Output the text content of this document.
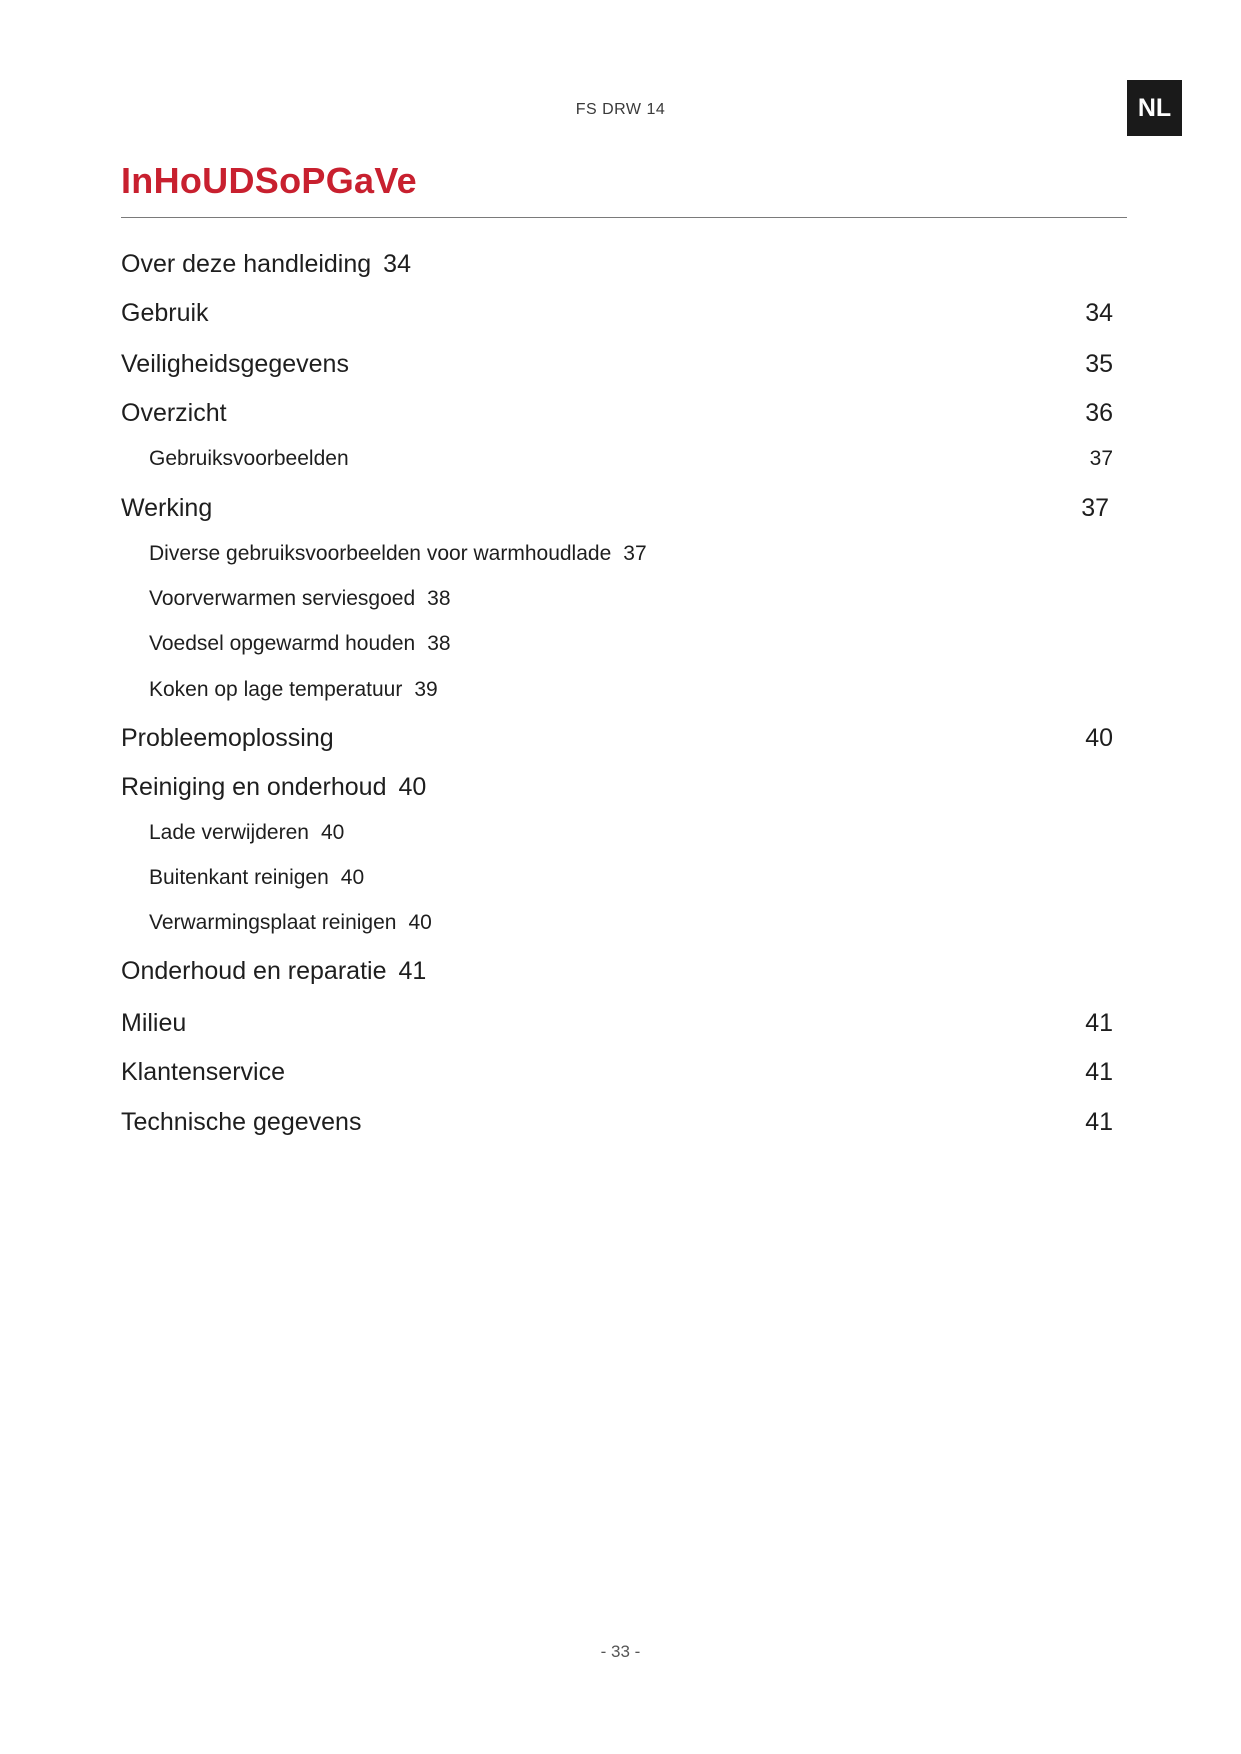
FS DRW 14	NL
InHoUDSoPGaVe
Over deze handleiding 34
Gebruik	34
Veiligheidsgegevens	35
Overzicht	36
Gebruiksvoorbeelden	37
Werking	37
Diverse gebruiksvoorbeelden voor warmhoudlade 37
Voorverwarmen serviesgoed 38
Voedsel opgewarmd houden 38
Koken op lage temperatuur 39
Probleemoplossing	40
Reiniging en onderhoud 40
Lade verwijderen 40
Buitenkant reinigen 40
Verwarmingsplaat reinigen 40
Onderhoud en reparatie 41
Milieu	41
Klantenservice	41
Technische gegevens	41
- 33 -
